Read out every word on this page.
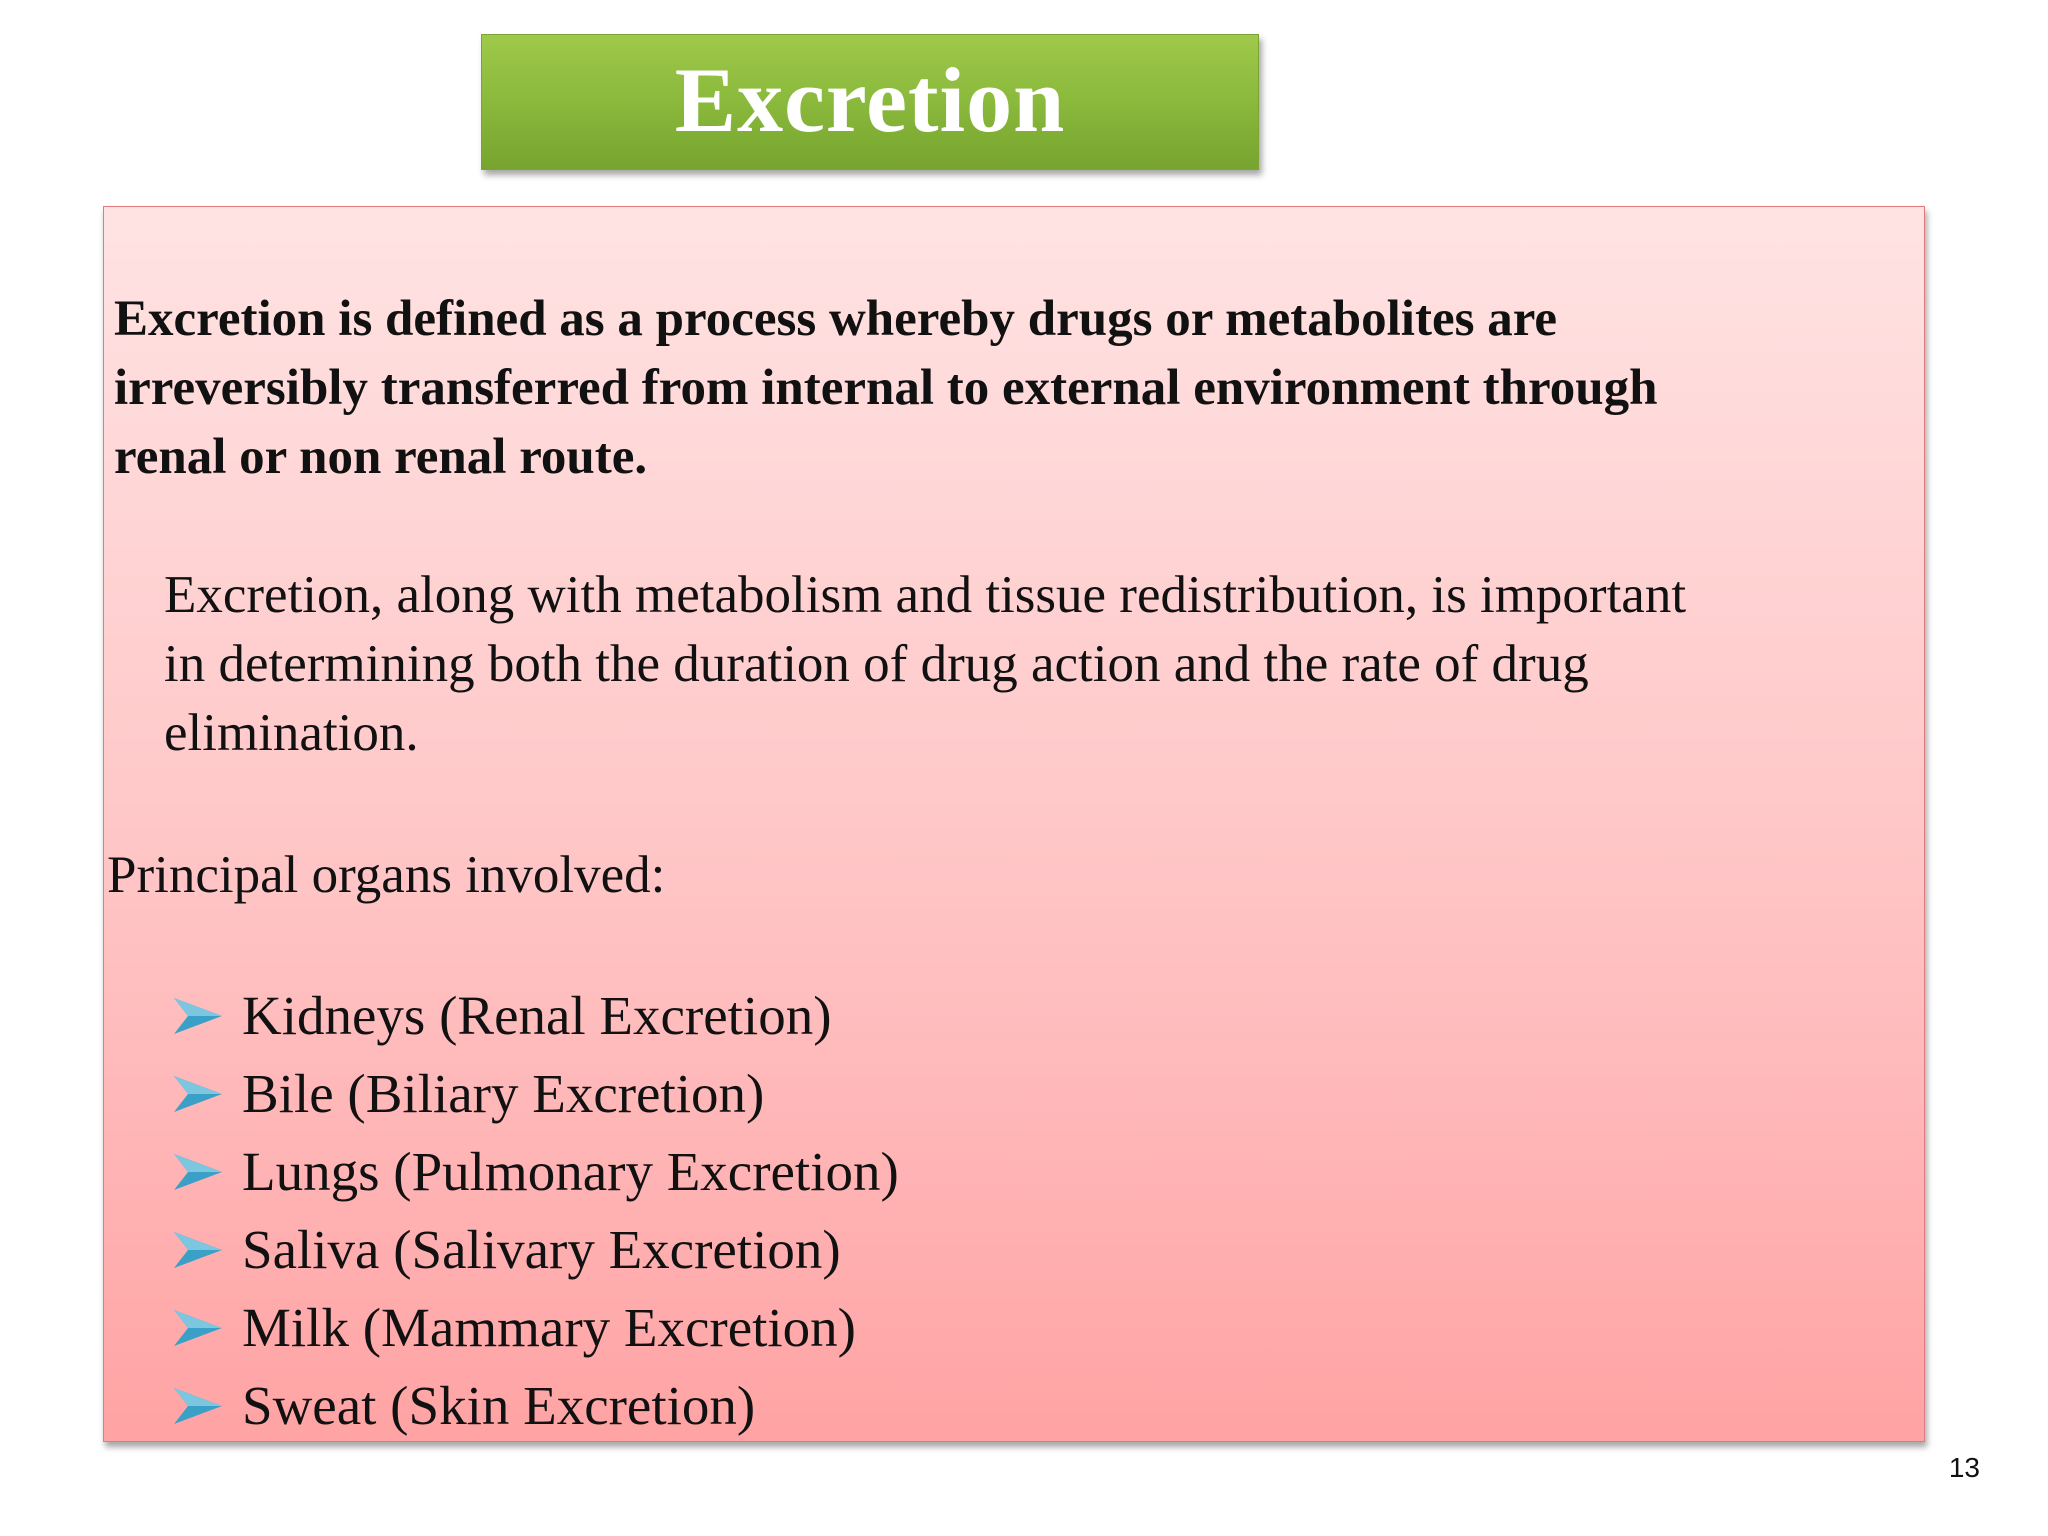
Excretion
Excretion is defined as a process whereby drugs or metabolites are
irreversibly transferred from internal to external environment through
renal or non renal route.
Excretion, along with metabolism and tissue redistribution, is important
in determining both the duration of drug action and the rate of drug
elimination.
Principal organs involved:
Kidneys (Renal Excretion)
Bile (Biliary Excretion)
Lungs (Pulmonary Excretion)
Saliva (Salivary Excretion)
Milk (Mammary Excretion)
Sweat (Skin Excretion)
13
